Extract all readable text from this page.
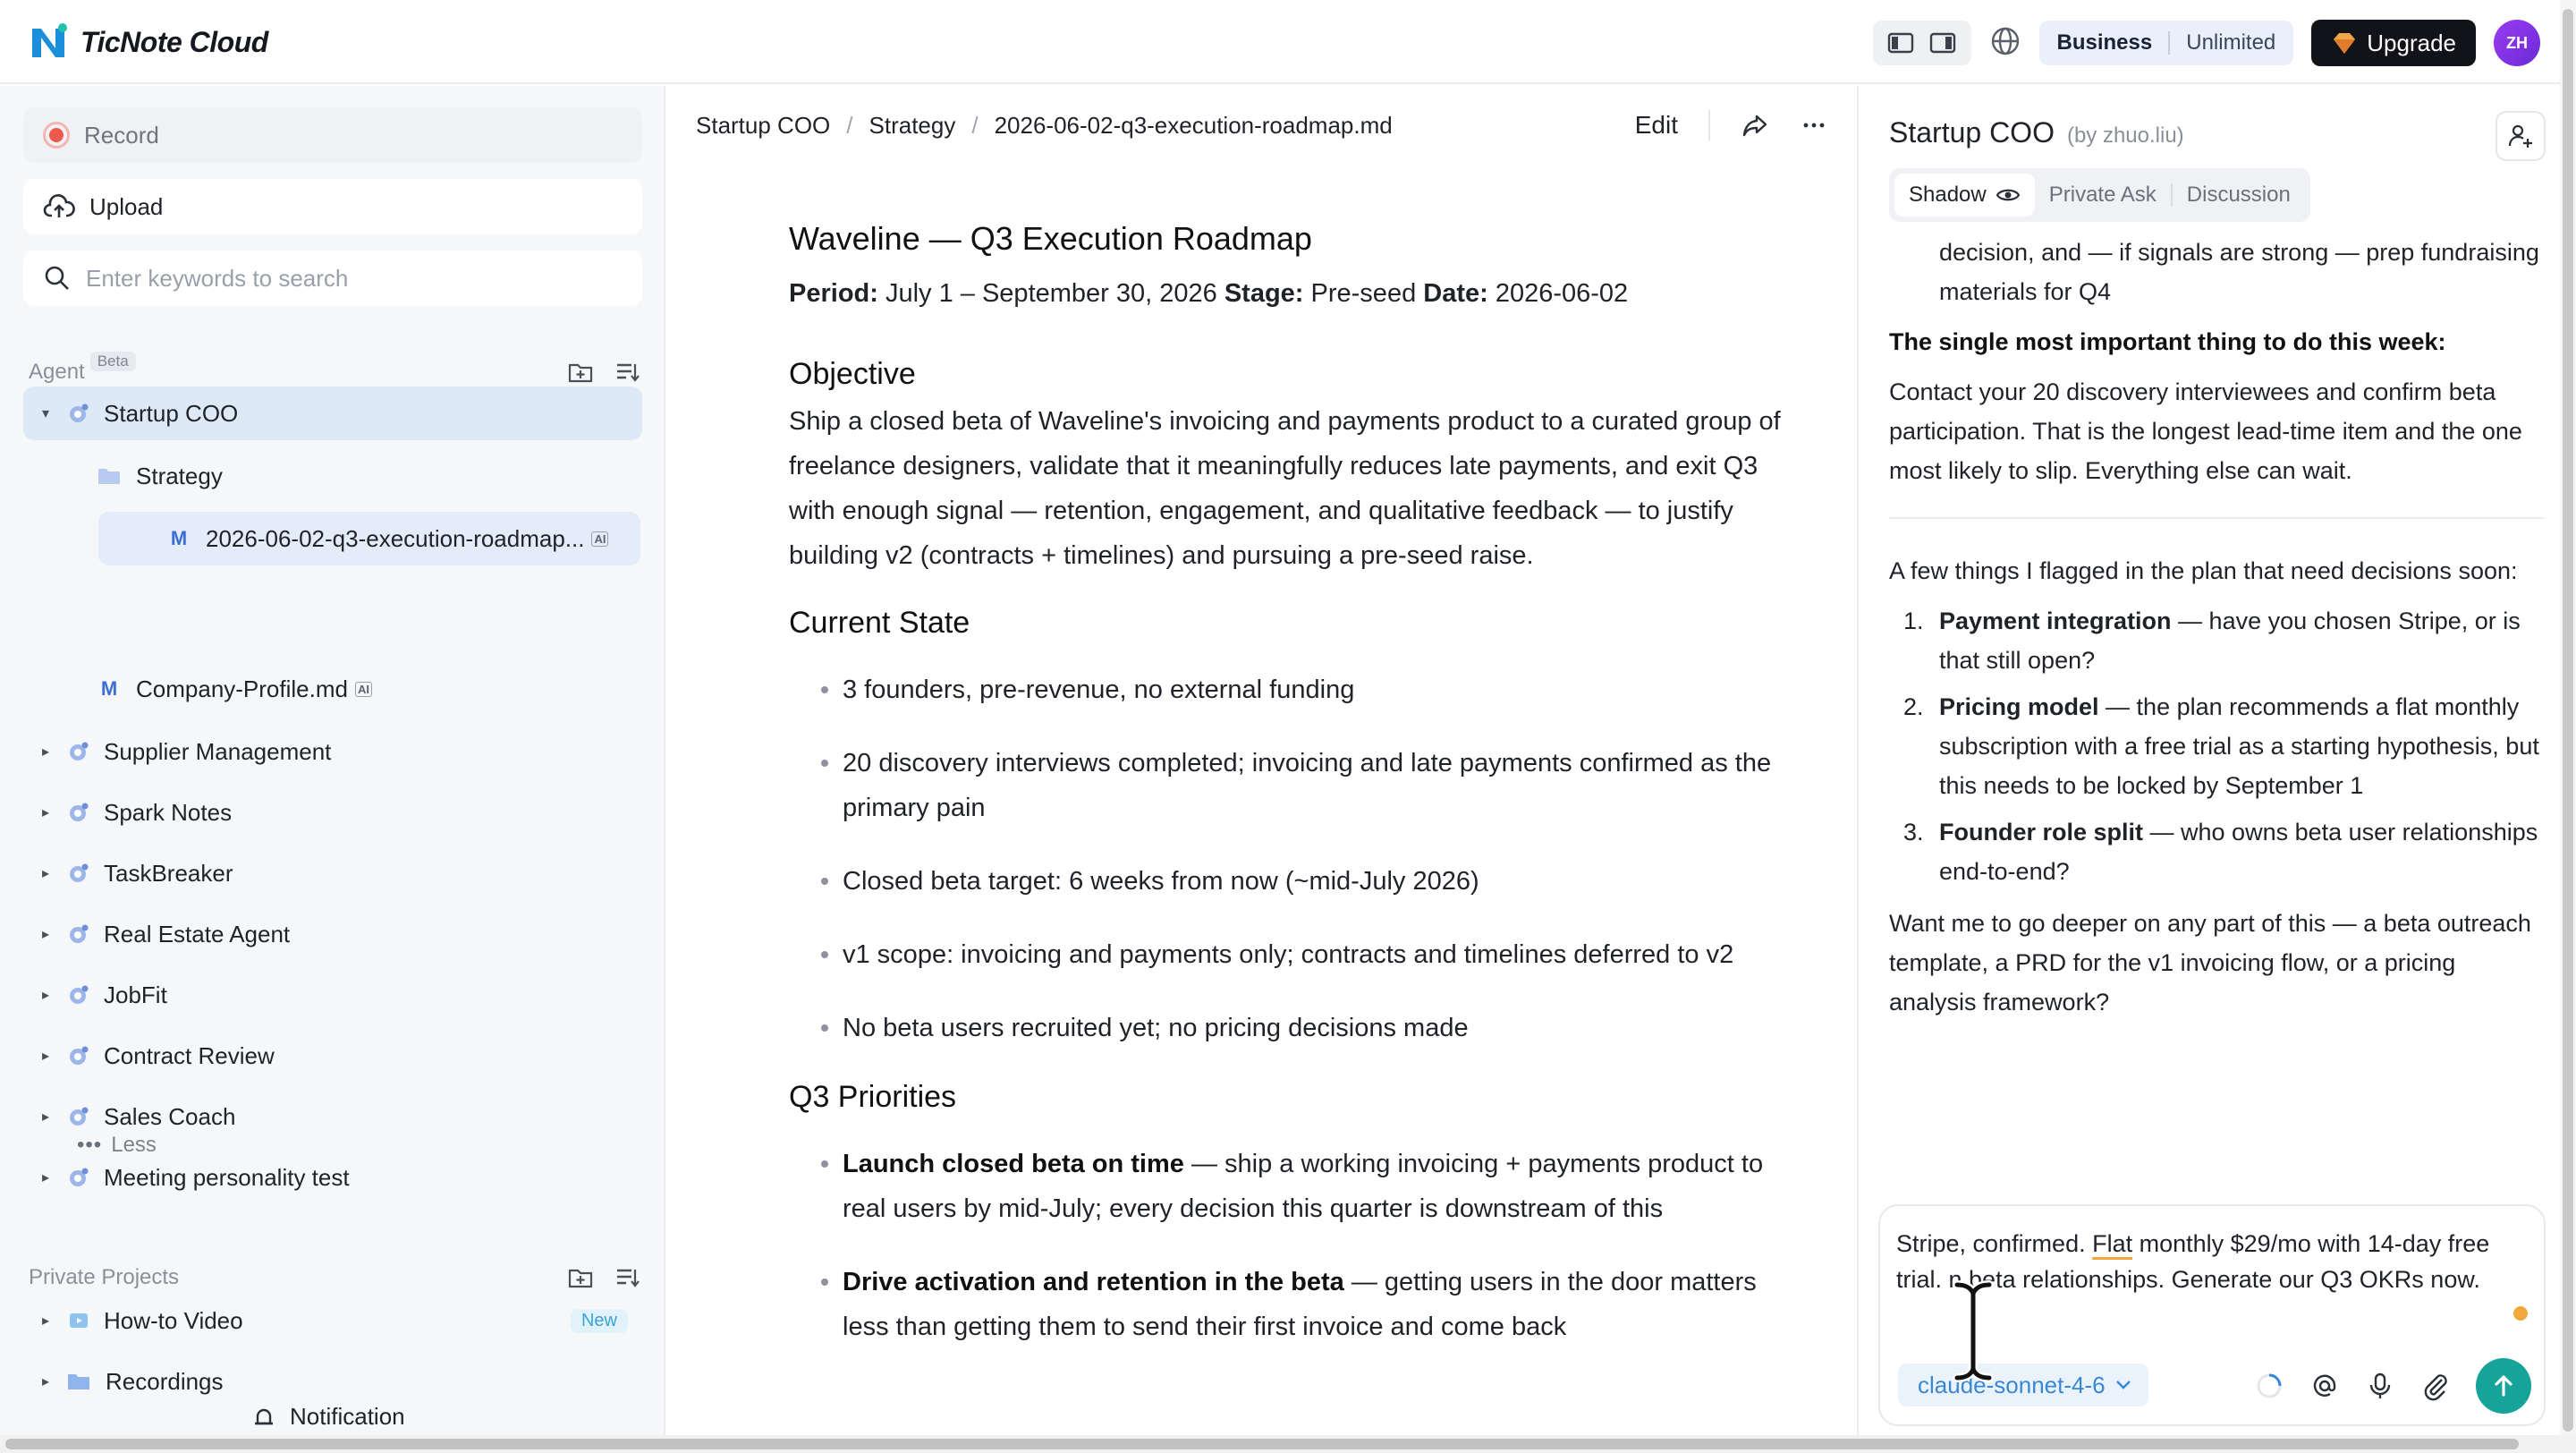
TicNote Cloud	Business Unlimited	Upgrade	ZH
Record
Upload
Enter keywords to search
Agent Beta
▾ Startup COO
Strategy
M 2026-06-02-q3-execution-roadmap... AI
M Company-Profile.md AI
▸ Supplier Management
▸ Spark Notes
▸ TaskBreaker
▸ Real Estate Agent
▸ JobFit
▸ Contract Review
▸ Sales Coach
▸ Meeting personality test
Private Projects
▸ How-to Video	New
▸ Recordings
••• Less
Notification
Startup COO / Strategy / 2026-06-02-q3-execution-roadmap.md	Edit
Waveline — Q3 Execution Roadmap
Period: July 1 – September 30, 2026 Stage: Pre-seed Date: 2026-06-02
Objective
Ship a closed beta of Waveline's invoicing and payments product to a curated group of freelance designers, validate that it meaningfully reduces late payments, and exit Q3 with enough signal — retention, engagement, and qualitative feedback — to justify building v2 (contracts + timelines) and pursuing a pre-seed raise.
Current State
3 founders, pre-revenue, no external funding
20 discovery interviews completed; invoicing and late payments confirmed as the primary pain
Closed beta target: 6 weeks from now (~mid-July 2026)
v1 scope: invoicing and payments only; contracts and timelines deferred to v2
No beta users recruited yet; no pricing decisions made
Q3 Priorities
Launch closed beta on time — ship a working invoicing + payments product to real users by mid-July; every decision this quarter is downstream of this
Drive activation and retention in the beta — getting users in the door matters less than getting them to send their first invoice and come back
Startup COO (by zhuo.liu)
Shadow	Private Ask	Discussion
decision, and — if signals are strong — prep fundraising materials for Q4
The single most important thing to do this week:
Contact your 20 discovery interviewees and confirm beta participation. That is the longest lead-time item and the one most likely to slip. Everything else can wait.
A few things I flagged in the plan that need decisions soon:
1. Payment integration — have you chosen Stripe, or is that still open?
2. Pricing model — the plan recommends a flat monthly subscription with a free trial as a starting hypothesis, but this needs to be locked by September 1
3. Founder role split — who owns beta user relationships end-to-end?
Want me to go deeper on any part of this — a beta outreach template, a PRD for the v1 invoicing flow, or a pricing analysis framework?
Stripe, confirmed. Flat monthly $29/mo with 14-day free trial. n beta relationships. Generate our Q3 OKRs now.
claude-sonnet-4-6
